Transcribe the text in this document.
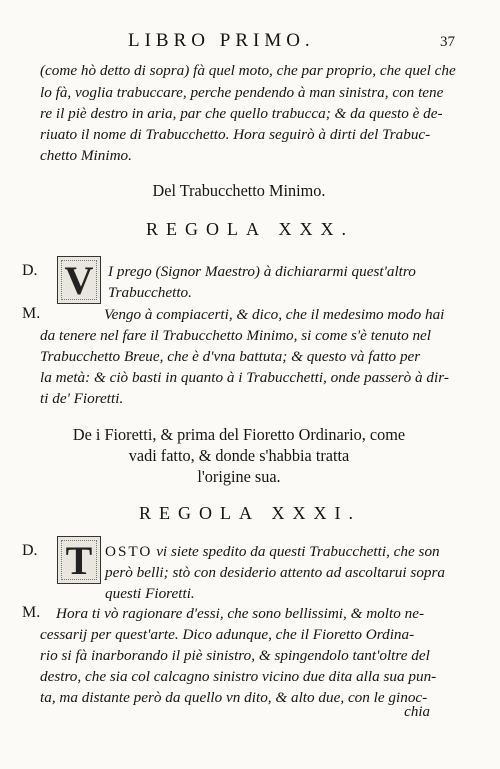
LIBRO PRIMO.	37
(come hò detto di sopra) fà quel moto, che par proprio, che quel che
lo fà, voglia trabuccare, perche pendendo à man sinistra, con tene
re il piè destro in aria, par che quello trabucca; & da questo è de-
riuato il nome di Trabucchetto. Hora seguirò à dirti del Trabuc-
chetto Minimo.
Del Trabucchetto Minimo.
REGOLA XXX.
D. V I prego (Signor Maestro) à dichiararmi quest'altro
Trabucchetto.
M.	Vengo à compiacerti, & dico, che il medesimo modo hai
da tenere nel fare il Trabucchetto Minimo, si come s'è tenuto nel
Trabucchetto Breue, che è d'vna battuta; & questo và fatto per
la metà: & ciò basti in quanto à i Trabucchetti, onde passerò à dir-
ti de' Fioretti.
De i Fioretti, & prima del Fioretto Ordinario, come
vadi fatto, & donde s'habbia tratta
l'origine sua.
REGOLA XXXI.
D. T OSTO vi siete spedito da questi Trabucchetti, che son
però belli; stò con desiderio attento ad ascoltarui sopra
questi Fioretti.
M. Hora ti vò ragionare d'essi, che sono bellissimi, & molto ne-
cessarij per quest'arte. Dico adunque, che il Fioretto Ordina-
rio si fà inarborando il piè sinistro, & spingendolo tant'oltre del
destro, che sia col calcagno sinistro vicino due dita alla sua pun-
ta, ma distante però da quello vn dito, & alto due, con le ginoc-
chia
